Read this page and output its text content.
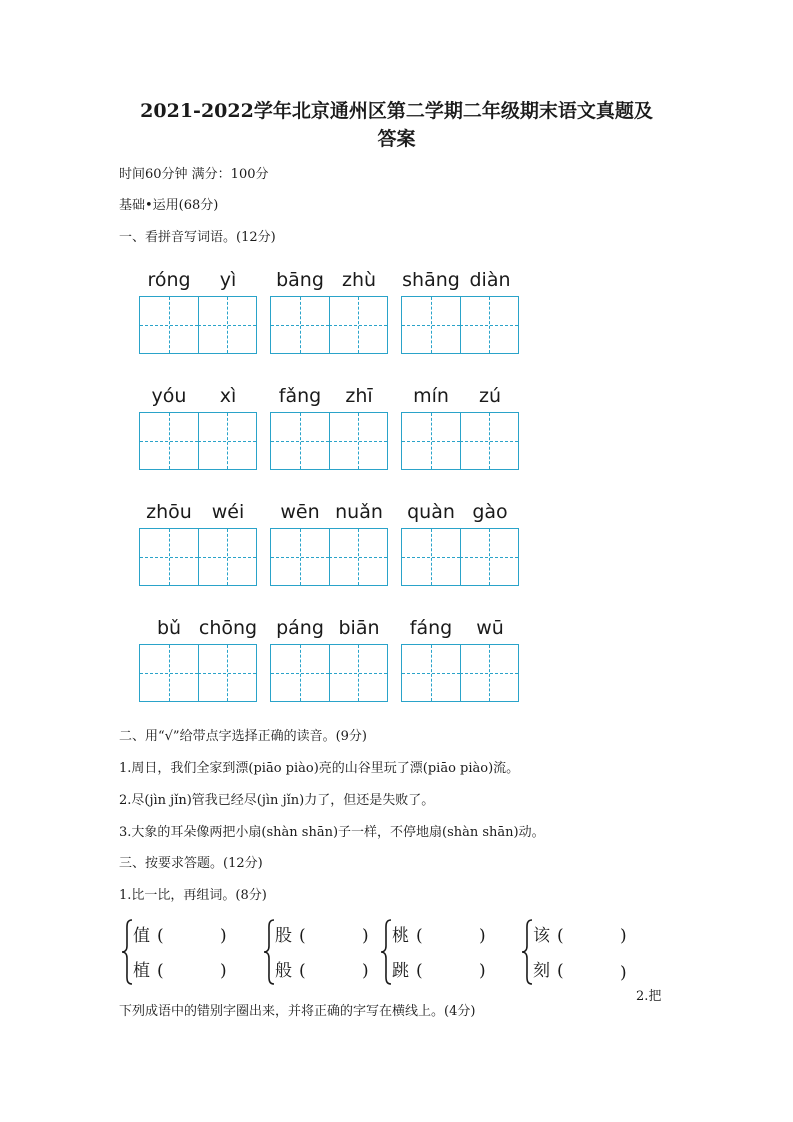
2021-2022学年北京通州区第二学期二年级期末语文真题及
答案
时间60分钟 满分：100分
基础•运用(68分)
一、看拼音写词语。(12分)
róng	yì	bāng zhù	shāng diàn
yóu	xì	fǎng	zhī	mín	zú
zhōu	wéi	wēn nuǎn	quàn gào
bǔ chōng páng biān	fáng	wū
二、用“√”给带点字选择正确的读音。(9分)
1.周日，我们全家到漂(piāo piào)亮的山谷里玩了漂(piāo piào)流。
2.尽(jìn jǐn)管我已经尽(jìn jǐn)力了，但还是失败了。
3.大象的耳朵像两把小扇(shàn shān)子一样，不停地扇(shàn shān)动。
三、按要求答题。(12分)
1.比一比，再组词。(8分)
值 (	)
植 (	)
股 (	)
般 (	)
桃 (	)
跳 (	)
该 (	)
刻 (	)
2.把
下列成语中的错别字圈出来，并将正确的字写在横线上。(4分)
